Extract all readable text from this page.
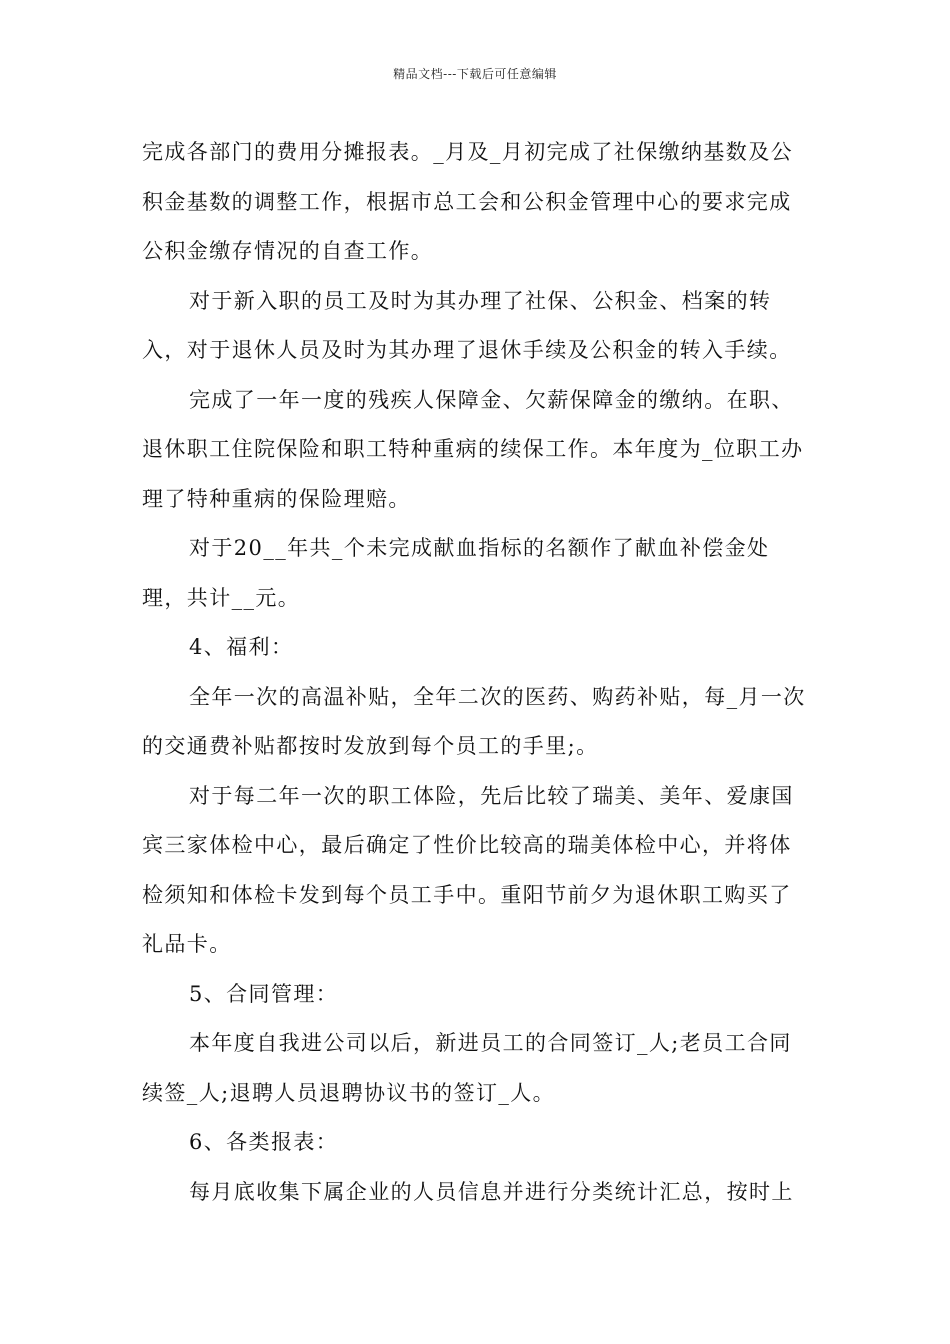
精品文档---下载后可任意编辑

完成各部门的费用分摊报表。_月及_月初完成了社保缴纳基数及公积金基数的调整工作，根据市总工会和公积金管理中心的要求完成公积金缴存情况的自查工作。

对于新入职的员工及时为其办理了社保、公积金、档案的转入，对于退休人员及时为其办理了退休手续及公积金的转入手续。

完成了一年一度的残疾人保障金、欠薪保障金的缴纳。在职、退休职工住院保险和职工特种重病的续保工作。本年度为_位职工办理了特种重病的保险理赔。

对于20__年共_个未完成献血指标的名额作了献血补偿金处理，共计__元。

4、福利：

全年一次的高温补贴，全年二次的医药、购药补贴，每_月一次的交通费补贴都按时发放到每个员工的手里;。

对于每二年一次的职工体险，先后比较了瑞美、美年、爱康国宾三家体检中心，最后确定了性价比较高的瑞美体检中心，并将体检须知和体检卡发到每个员工手中。重阳节前夕为退休职工购买了礼品卡。

5、合同管理：

本年度自我进公司以后，新进员工的合同签订_人;老员工合同续签_人;退聘人员退聘协议书的签订_人。

6、各类报表：

每月底收集下属企业的人员信息并进行分类统计汇总，按时上
